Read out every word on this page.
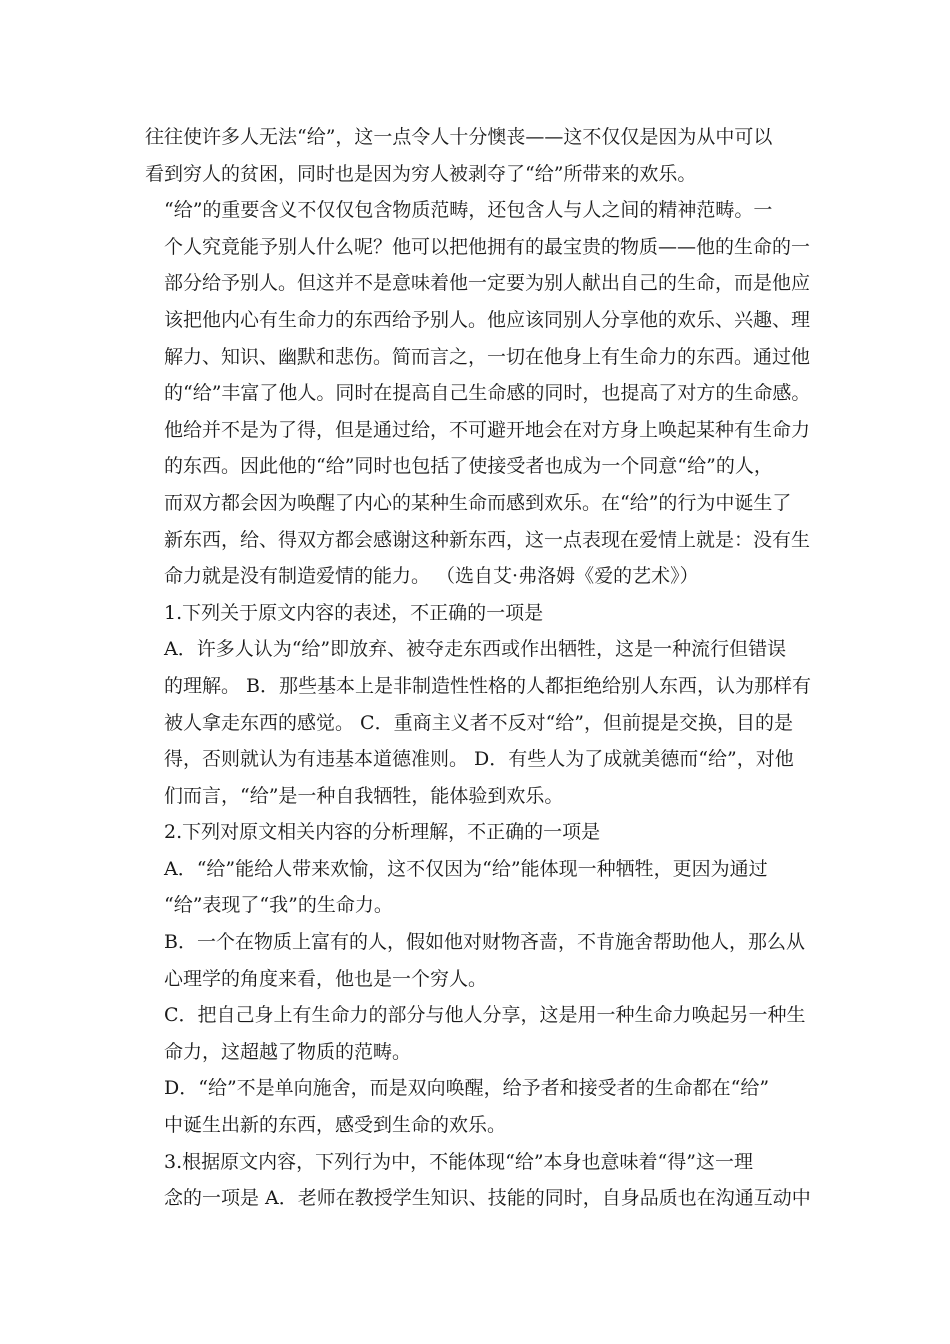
往往使许多人无法“给”，这一点令人十分懊丧——这不仅仅是因为从中可以
看到穷人的贫困，同时也是因为穷人被剥夺了“给”所带来的欢乐。

“给”的重要含义不仅仅包含物质范畴，还包含人与人之间的精神范畴。一
个人究竟能予别人什么呢？他可以把他拥有的最宝贵的物质——他的生命的一
部分给予别人。但这并不是意味着他一定要为别人献出自己的生命，而是他应
该把他内心有生命力的东西给予别人。他应该同别人分享他的欢乐、兴趣、理
解力、知识、幽默和悲伤。简而言之，一切在他身上有生命力的东西。通过他
的“给”丰富了他人。同时在提高自己生命感的同时，也提高了对方的生命感。
他给并不是为了得，但是通过给，不可避开地会在对方身上唤起某种有生命力
的东西。因此他的“给”同时也包括了使接受者也成为一个同意“给”的人，
而双方都会因为唤醒了内心的某种生命而感到欢乐。在“给”的行为中诞生了
新东西，给、得双方都会感谢这种新东西，这一点表现在爱情上就是：没有生
命力就是没有制造爱情的能力。 （选自艾·弗洛姆《爱的艺术》）

1.下列关于原文内容的表述，不正确的一项是

A．许多人认为“给”即放弃、被夺走东西或作出牺牲，这是一种流行但错误
的理解。 B．那些基本上是非制造性性格的人都拒绝给别人东西，认为那样有
被人拿走东西的感觉。 C．重商主义者不反对“给”，但前提是交换，目的是
得，否则就认为有违基本道德准则。 D．有些人为了成就美德而“给”，对他
们而言，“给”是一种自我牺牲，能体验到欢乐。

2.下列对原文相关内容的分析理解，不正确的一项是

A．“给”能给人带来欢愉，这不仅因为“给”能体现一种牺牲，更因为通过
“给”表现了“我”的生命力。

B．一个在物质上富有的人，假如他对财物吝啬，不肯施舍帮助他人，那么从
心理学的角度来看，他也是一个穷人。

C．把自己身上有生命力的部分与他人分享，这是用一种生命力唤起另一种生
命力，这超越了物质的范畴。

D．“给”不是单向施舍，而是双向唤醒，给予者和接受者的生命都在“给”
中诞生出新的东西，感受到生命的欢乐。

3.根据原文内容，下列行为中，不能体现“给”本身也意味着“得”这一理
念的一项是 A．老师在教授学生知识、技能的同时，自身品质也在沟通互动中
